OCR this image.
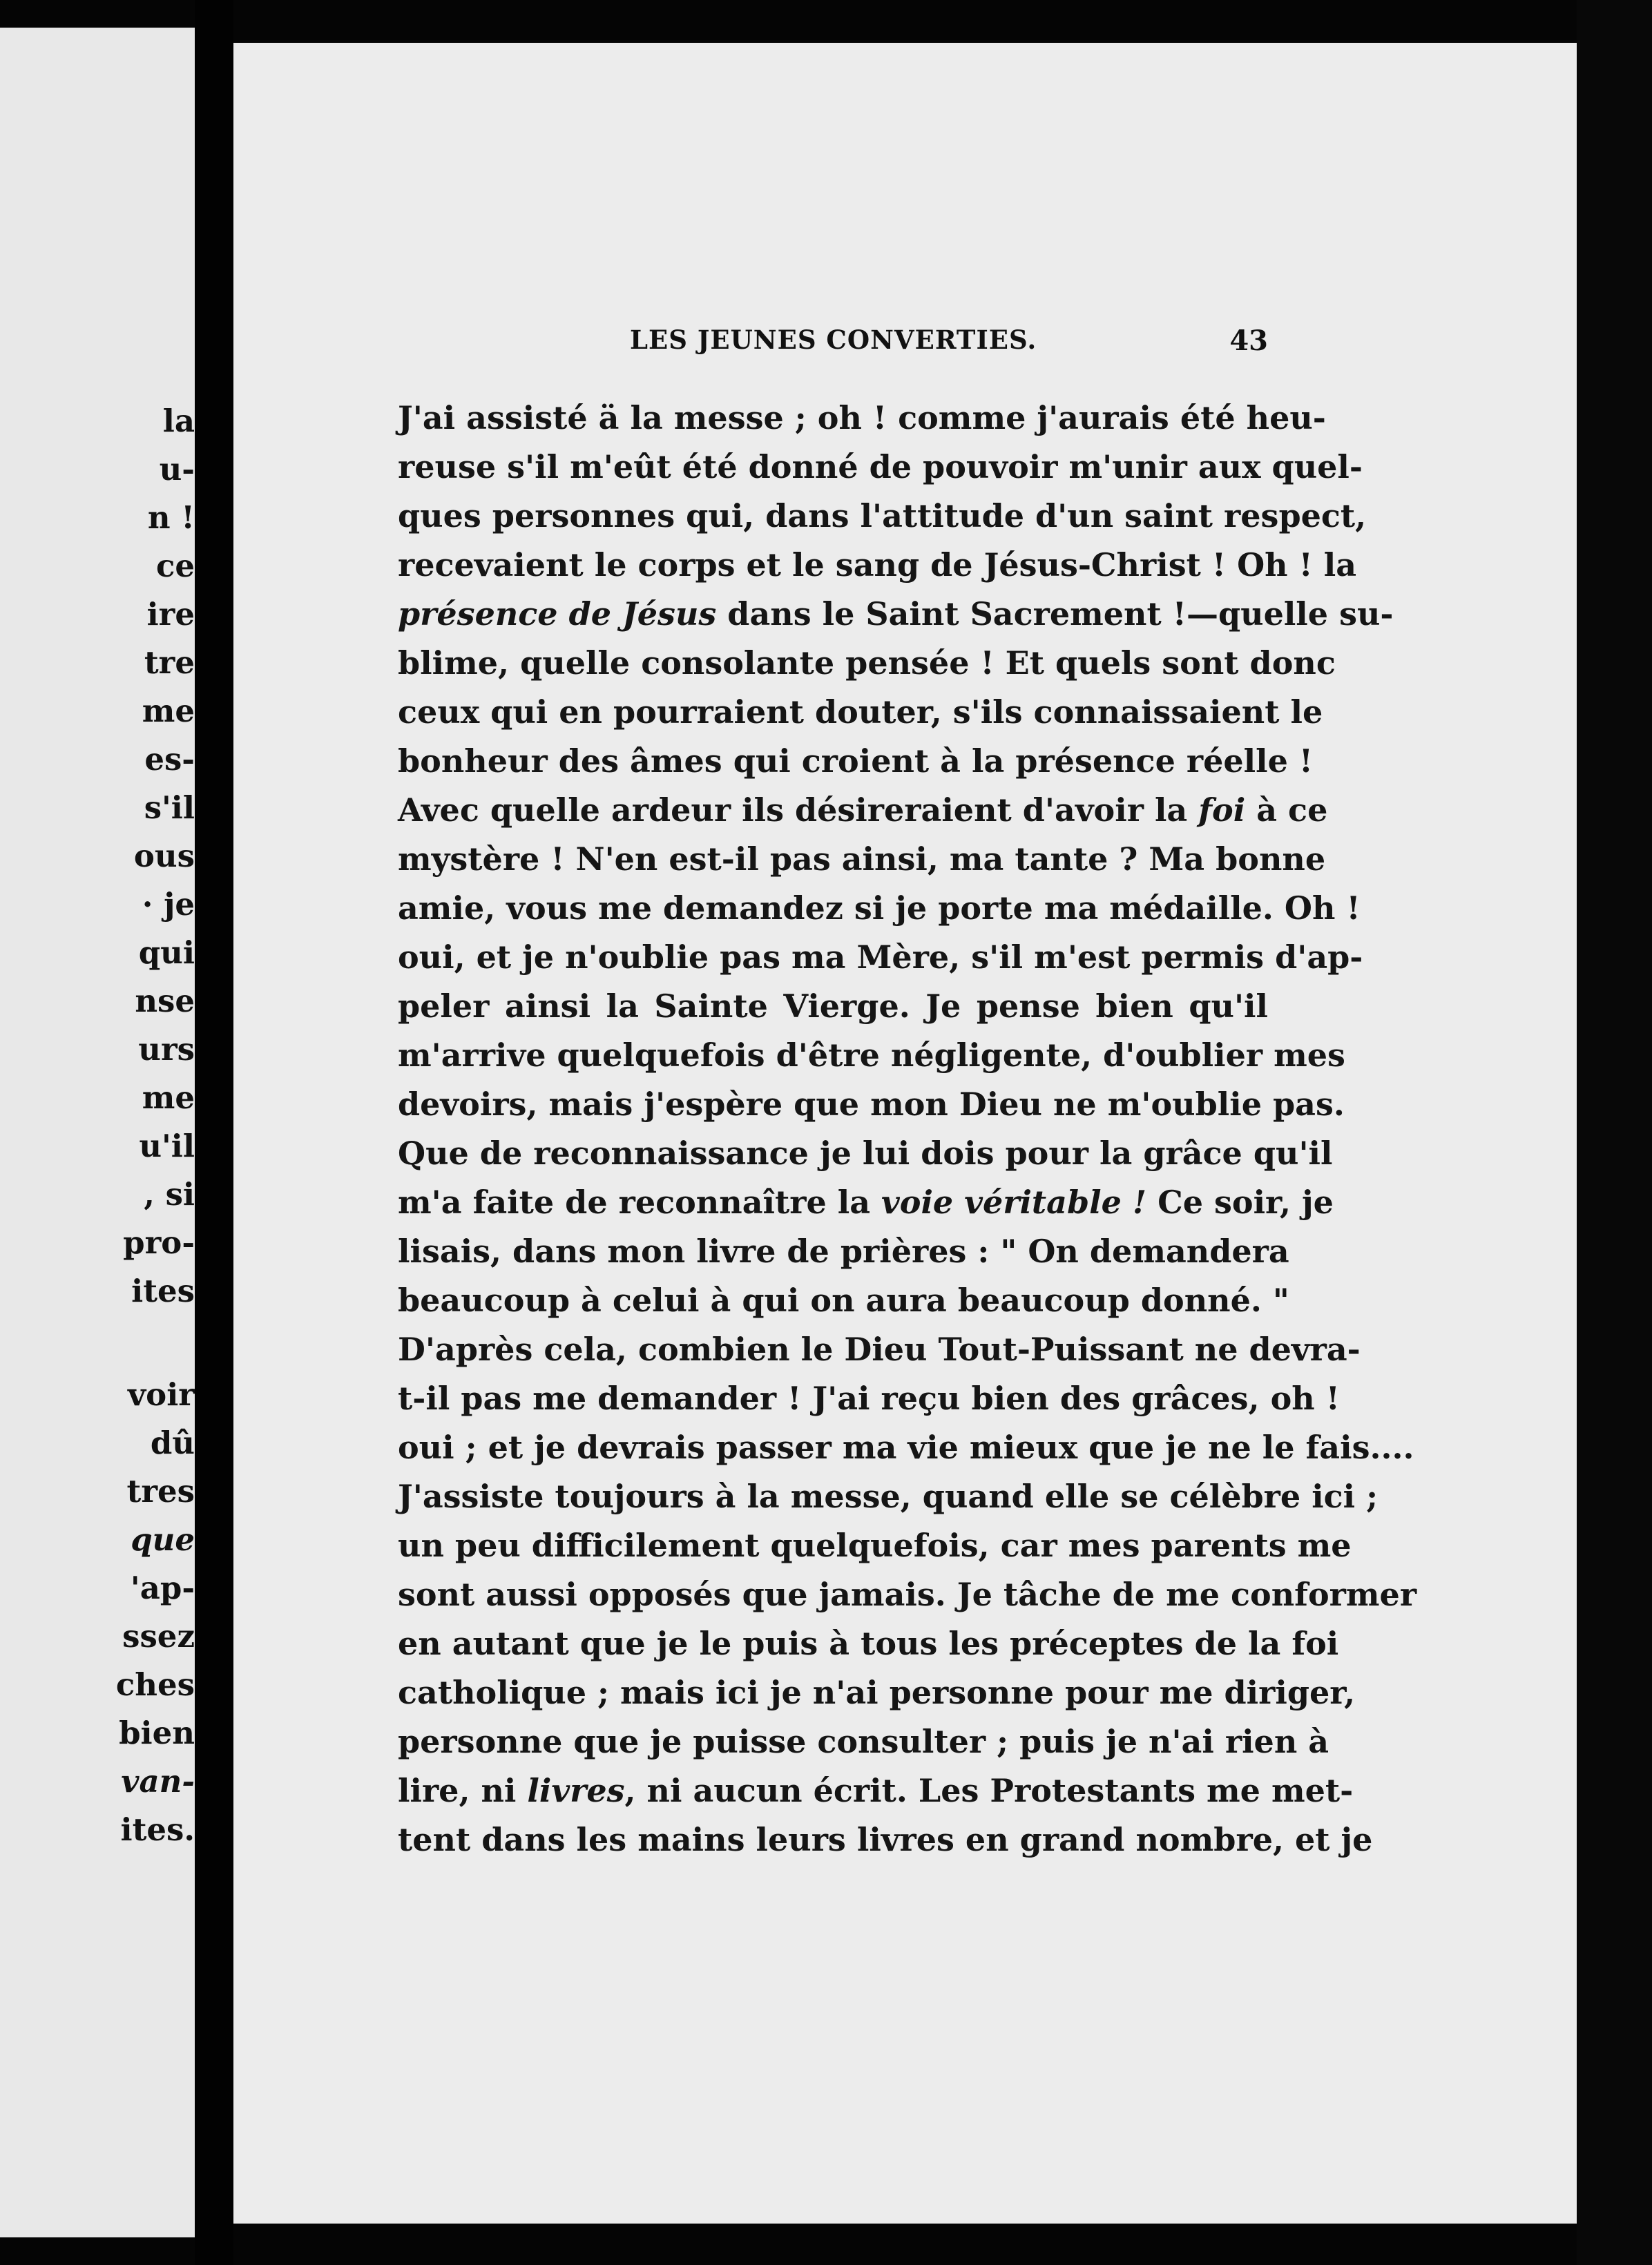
la
u-
n !
ce
ire
tre
me
es-
s'il
ous
· je
qui
nse
urs
me
u'il
, si
pro-
ites
voir
dû
tres
que
'ap-
ssez
ches
bien
van-
ites.
LES JEUNES CONVERTIES.	43
J'ai assisté ä la messe ; oh ! comme j'aurais été heu-
reuse s'il m'eût été donné de pouvoir m'unir aux quel-
ques personnes qui, dans l'attitude d'un saint respect,
recevaient le corps et le sang de Jésus-Christ ! Oh ! la
présence de Jésus dans le Saint Sacrement !—quelle su-
blime, quelle consolante pensée ! Et quels sont donc
ceux qui en pourraient douter, s'ils connaissaient le
bonheur des âmes qui croient à la présence réelle !
Avec quelle ardeur ils désireraient d'avoir la foi à ce
mystère ! N'en est-il pas ainsi, ma tante ? Ma bonne
amie, vous me demandez si je porte ma médaille. Oh !
oui, et je n'oublie pas ma Mère, s'il m'est permis d'ap-
peler ainsi la Sainte Vierge. Je pense bien qu'il
m'arrive quelquefois d'être négligente, d'oublier mes
devoirs, mais j'espère que mon Dieu ne m'oublie pas.
Que de reconnaissance je lui dois pour la grâce qu'il
m'a faite de reconnaître la voie véritable ! Ce soir, je
lisais, dans mon livre de prières : " On demandera
beaucoup à celui à qui on aura beaucoup donné. "
D'après cela, combien le Dieu Tout-Puissant ne devra-
t-il pas me demander ! J'ai reçu bien des grâces, oh !
oui ; et je devrais passer ma vie mieux que je ne le fais....
J'assiste toujours à la messe, quand elle se célèbre ici ;
un peu difficilement quelquefois, car mes parents me
sont aussi opposés que jamais. Je tâche de me conformer
en autant que je le puis à tous les préceptes de la foi
catholique ; mais ici je n'ai personne pour me diriger,
personne que je puisse consulter ; puis je n'ai rien à
lire, ni livres, ni aucun écrit. Les Protestants me met-
tent dans les mains leurs livres en grand nombre, et je
